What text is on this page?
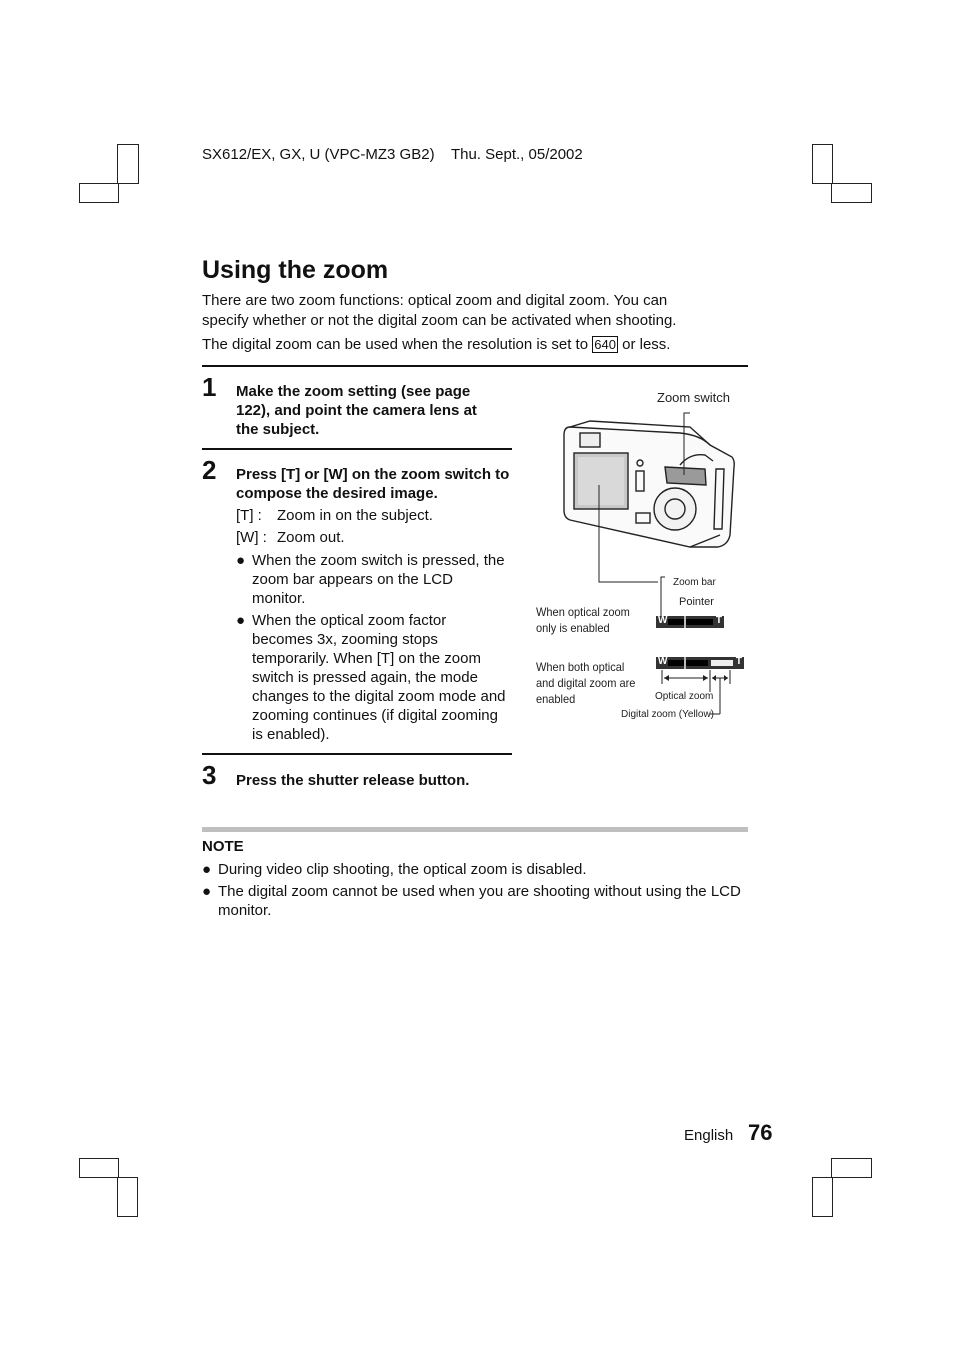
SX612/EX, GX, U (VPC-MZ3 GB2)    Thu. Sept., 05/2002
Using the zoom
There are two zoom functions: optical zoom and digital zoom. You can
specify whether or not the digital zoom can be activated when shooting.
The digital zoom can be used when the resolution is set to 640 or less.
1 Make the zoom setting (see page 122), and point the camera lens at the subject.
2 Press [T] or [W] on the zoom switch to compose the desired image.
[T] : Zoom in on the subject.
[W] : Zoom out.
● When the zoom switch is pressed, the zoom bar appears on the LCD monitor.
● When the optical zoom factor becomes 3x, zooming stops temporarily. When [T] on the zoom switch is pressed again, the mode changes to the digital zoom mode and zooming continues (if digital zooming is enabled).
3 Press the shutter release button.
Zoom switch
Zoom bar
Pointer
When optical zoom only is enabled
W	T
When both optical and digital zoom are enabled
W	T
Optical zoom
Digital zoom (Yellow)
NOTE
● During video clip shooting, the optical zoom is disabled.
● The digital zoom cannot be used when you are shooting without using the LCD monitor.
English 76
